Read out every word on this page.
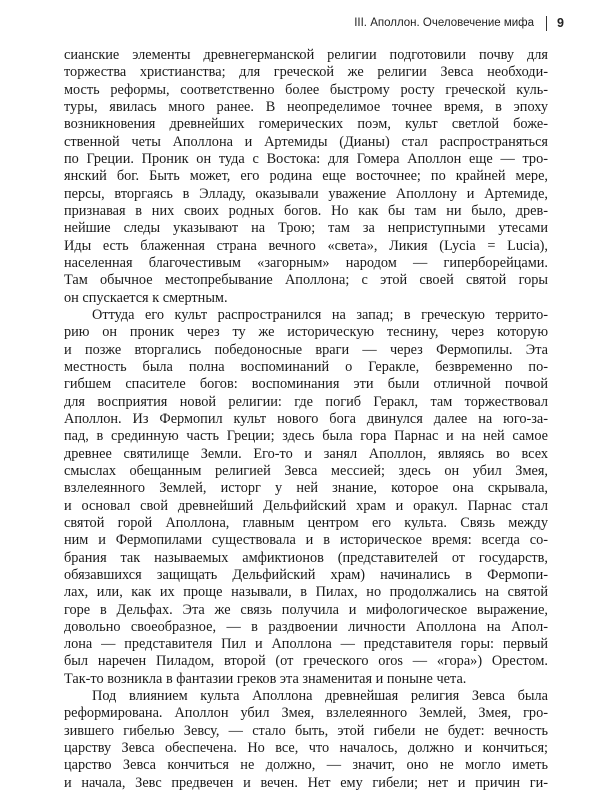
III. Аполлон. Очеловечение мифа 9
сианские элементы древнегерманской религии подготовили почву для
торжества христианства; для греческой же религии Зевса необходи-
мость реформы, соответственно более быстрому росту греческой куль-
туры, явилась много ранее. В неопределимое точнее время, в эпоху
возникновения древнейших гомерических поэм, культ светлой боже-
ственной четы Аполлона и Артемиды (Дианы) стал распространяться
по Греции. Проник он туда с Востока: для Гомера Аполлон еще — тро-
янский бог. Быть может, его родина еще восточнее; по крайней мере,
персы, вторгаясь в Элладу, оказывали уважение Аполлону и Артемиде,
признавая в них своих родных богов. Но как бы там ни было, древ-
нейшие следы указывают на Трою; там за неприступными утесами
Иды есть блаженная страна вечного «света», Ликия (Lycia = Lucia),
населенная благочестивым «загорным» народом — гиперборейцами.
Там обычное местопребывание Аполлона; с этой своей святой горы
он спускается к смертным.
Оттуда его культ распространился на запад; в греческую террито-
рию он проник через ту же историческую теснину, через которую
и позже вторгались победоносные враги — через Фермопилы. Эта
местность была полна воспоминаний о Геракле, безвременно по-
гибшем спасителе богов: воспоминания эти были отличной почвой
для восприятия новой религии: где погиб Геракл, там торжествовал
Аполлон. Из Фермопил культ нового бога двинулся далее на юго-за-
пад, в срединную часть Греции; здесь была гора Парнас и на ней самое
древнее святилище Земли. Его-то и занял Аполлон, являясь во всех
смыслах обещанным религией Зевса мессией; здесь он убил Змея,
взлелеянного Землей, исторг у ней знание, которое она скрывала,
и основал свой древнейший Дельфийский храм и оракул. Парнас стал
святой горой Аполлона, главным центром его культа. Связь между
ним и Фермопилами существовала и в историческое время: всегда со-
брания так называемых амфиктионов (представителей от государств,
обязавшихся защищать Дельфийский храм) начинались в Фермопи-
лах, или, как их проще называли, в Пилах, но продолжались на святой
горе в Дельфах. Эта же связь получила и мифологическое выражение,
довольно своеобразное, — в раздвоении личности Аполлона на Апол-
лона — представителя Пил и Аполлона — представителя горы: первый
был наречен Пиладом, второй (от греческого oros — «гора») Орестом.
Так-то возникла в фантазии греков эта знаменитая и понынe чета.
Под влиянием культа Аполлона древнейшая религия Зевса была
реформирована. Аполлон убил Змея, взлелеянного Землей, Змея, гро-
зившего гибелью Зевсу, — стало быть, этой гибели не будет: вечность
царству Зевса обеспечена. Но все, что началось, должно и кончиться;
царство Зевса кончиться не должно, — значит, оно не могло иметь
и начала, Зевс предвечен и вечен. Нет ему гибели; нет и причин ги-
